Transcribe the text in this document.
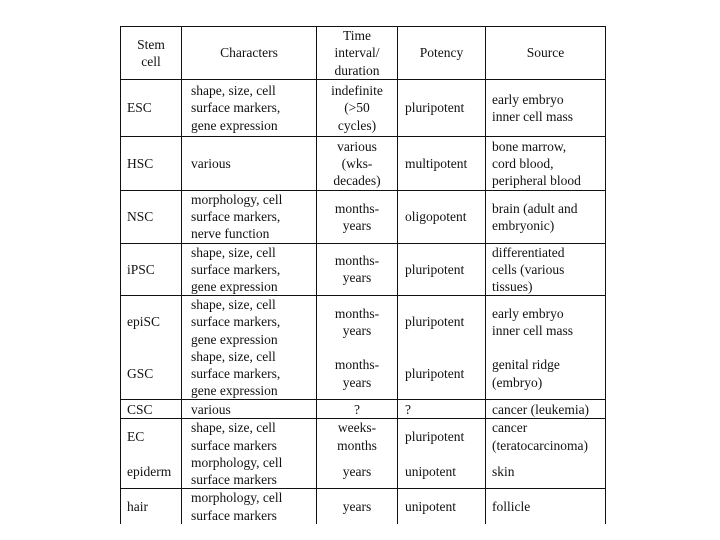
Stem
cell	Characters	Time
interval/
duration	Potency	Source
ESC	shape, size, cell
surface markers,
gene expression	indefinite
(>50
cycles)	pluripotent	early embryo
inner cell mass
HSC	various	various
(wks-
decades)	multipotent	bone marrow,
cord blood,
peripheral blood
NSC	morphology, cell
surface markers,
nerve function	months-
years	oligopotent	brain (adult and
embryonic)
iPSC	shape, size, cell
surface markers,
gene expression	months-
years	pluripotent	differentiated
cells (various
tissues)
epiSC	shape, size, cell
surface markers,
gene expression	months-
years	pluripotent	early embryo
inner cell mass
GSC	shape, size, cell
surface markers,
gene expression	months-
years	pluripotent	genital ridge
(embryo)
CSC	various	?	?	cancer (leukemia)
EC	shape, size, cell
surface markers	weeks-
months	pluripotent	cancer
(teratocarcinoma)
epiderm	morphology, cell
surface markers	years	unipotent	skin
hair	morphology, cell
surface markers	years	unipotent	follicle
